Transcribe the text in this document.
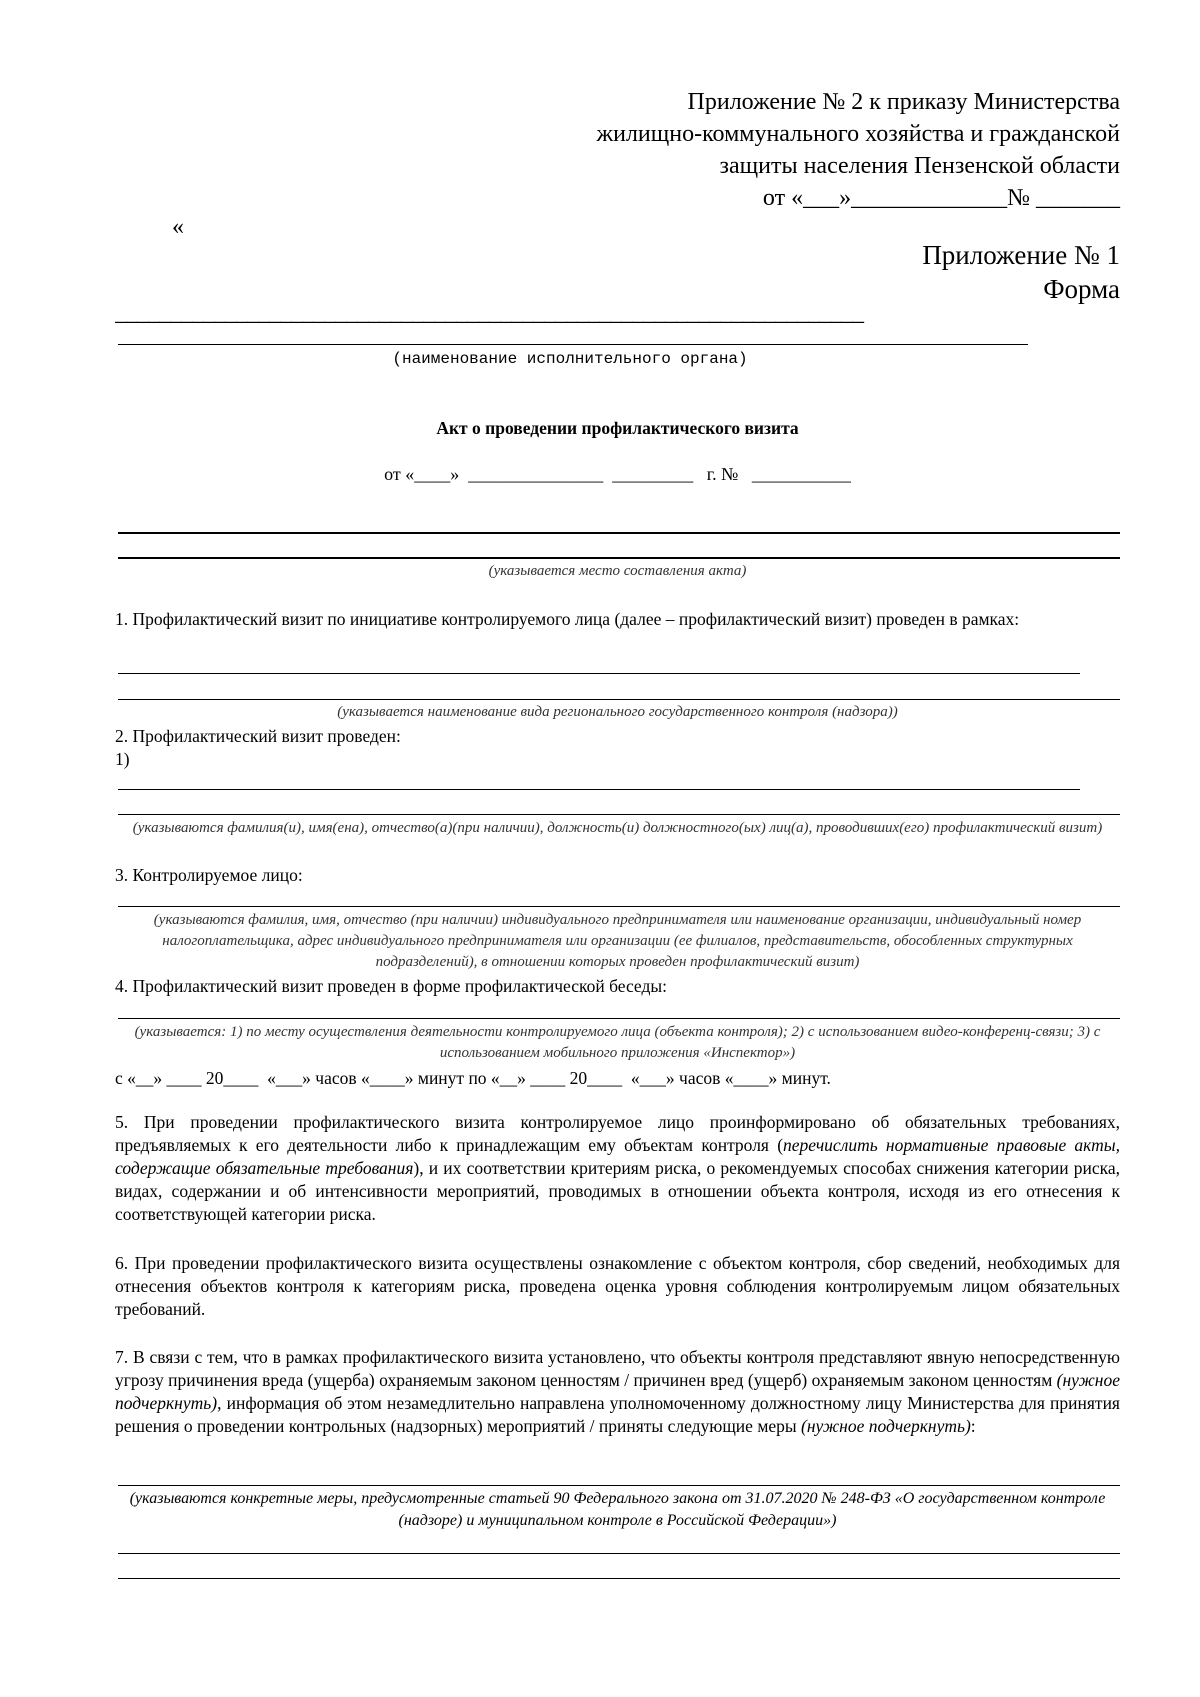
Приложение № 2 к приказу Министерства
жилищно-коммунального хозяйства и гражданской
защиты населения Пензенской области
от «___»_____________№ _______
«
Приложение № 1
Форма
____________________________________________________________________
(наименование исполнительного органа)
Акт о проведении профилактического визита
от «____»  _______________  _________   г. №   ___________
(указывается место составления акта)
1. Профилактический визит по инициативе контролируемого лица (далее – профилактический визит) проведен в рамках:
(указывается наименование вида регионального государственного контроля (надзора))
2. Профилактический визит проведен:
1)
(указываются фамилия(и), имя(ена), отчество(а)(при наличии), должность(и) должностного(ых) лиц(а), проводивших(его) профилактический визит)
3. Контролируемое лицо:
(указываются фамилия, имя, отчество (при наличии) индивидуального предпринимателя или наименование организации, индивидуальный номер налогоплательщика, адрес индивидуального предпринимателя или организации (ее филиалов, представительств, обособленных структурных подразделений), в отношении которых проведен профилактический визит)
4. Профилактический визит проведен в форме профилактической беседы:
(указывается: 1) по месту осуществления деятельности контролируемого лица (объекта контроля); 2) с использованием видео-конференц-связи; 3) с использованием мобильного приложения «Инспектор»)
с «__» ____ 20____  «___» часов «____» минут по «__» ____ 20____  «___» часов «____» минут.
5. При проведении профилактического визита контролируемое лицо проинформировано об обязательных требованиях, предъявляемых к его деятельности либо к принадлежащим ему объектам контроля (перечислить нормативные правовые акты, содержащие обязательные требования), и их соответствии критериям риска, о рекомендуемых способах снижения категории риска, видах, содержании и об интенсивности мероприятий, проводимых в отношении объекта контроля, исходя из его отнесения к соответствующей категории риска.
6. При проведении профилактического визита осуществлены ознакомление с объектом контроля, сбор сведений, необходимых для отнесения объектов контроля к категориям риска, проведена оценка уровня соблюдения контролируемым лицом обязательных требований.
7. В связи с тем, что в рамках профилактического визита установлено, что объекты контроля представляют явную непосредственную угрозу причинения вреда (ущерба) охраняемым законом ценностям / причинен вред (ущерб) охраняемым законом ценностям (нужное подчеркнуть), информация об этом незамедлительно направлена уполномоченному должностному лицу Министерства для принятия решения о проведении контрольных (надзорных) мероприятий / приняты следующие меры (нужное подчеркнуть):
(указываются конкретные меры, предусмотренные статьей 90 Федерального закона от 31.07.2020 № 248-ФЗ «О государственном контроле (надзоре) и муниципальном контроле в Российской Федерации»)
